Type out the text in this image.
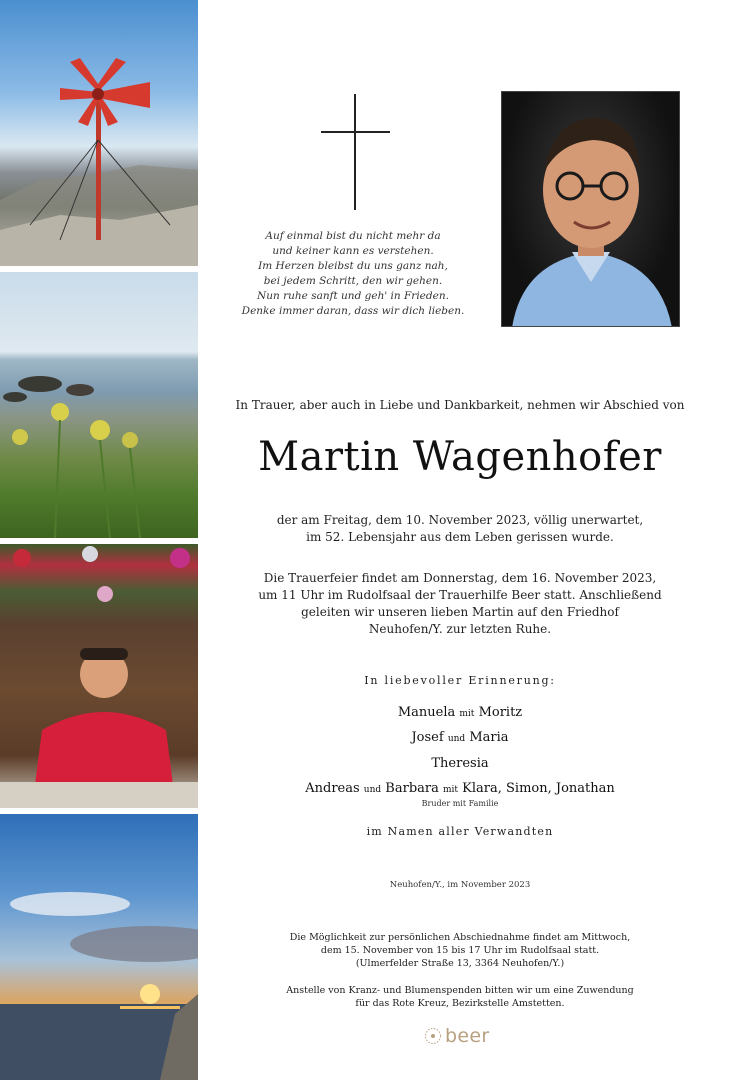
Auf einmal bist du nicht mehr da
und keiner kann es verstehen.
Im Herzen bleibst du uns ganz nah,
bei jedem Schritt, den wir gehen.
Nun ruhe sanft und geh' in Frieden.
Denke immer daran, dass wir dich lieben.
In Trauer, aber auch in Liebe und Dankbarkeit, nehmen wir Abschied von
Martin Wagenhofer
der am Freitag, dem 10. November 2023, völlig unerwartet,
im 52. Lebensjahr aus dem Leben gerissen wurde.
Die Trauerfeier findet am Donnerstag, dem 16. November 2023,
um 11 Uhr im Rudolfsaal der Trauerhilfe Beer statt. Anschließend
geleiten wir unseren lieben Martin auf den Friedhof
Neuhofen/Y. zur letzten Ruhe.
In liebevoller Erinnerung:
Manuela mit Moritz
Josef und Maria
Theresia
Andreas und Barbara mit Klara, Simon, Jonathan
Bruder mit Familie
im Namen aller Verwandten
Neuhofen/Y., im November 2023
Die Möglichkeit zur persönlichen Abschiednahme findet am Mittwoch,
dem 15. November von 15 bis 17 Uhr im Rudolfsaal statt.
(Ulmerfelder Straße 13, 3364 Neuhofen/Y.)
Anstelle von Kranz- und Blumenspenden bitten wir um eine Zuwendung
für das Rote Kreuz, Bezirkstelle Amstetten.
beer
